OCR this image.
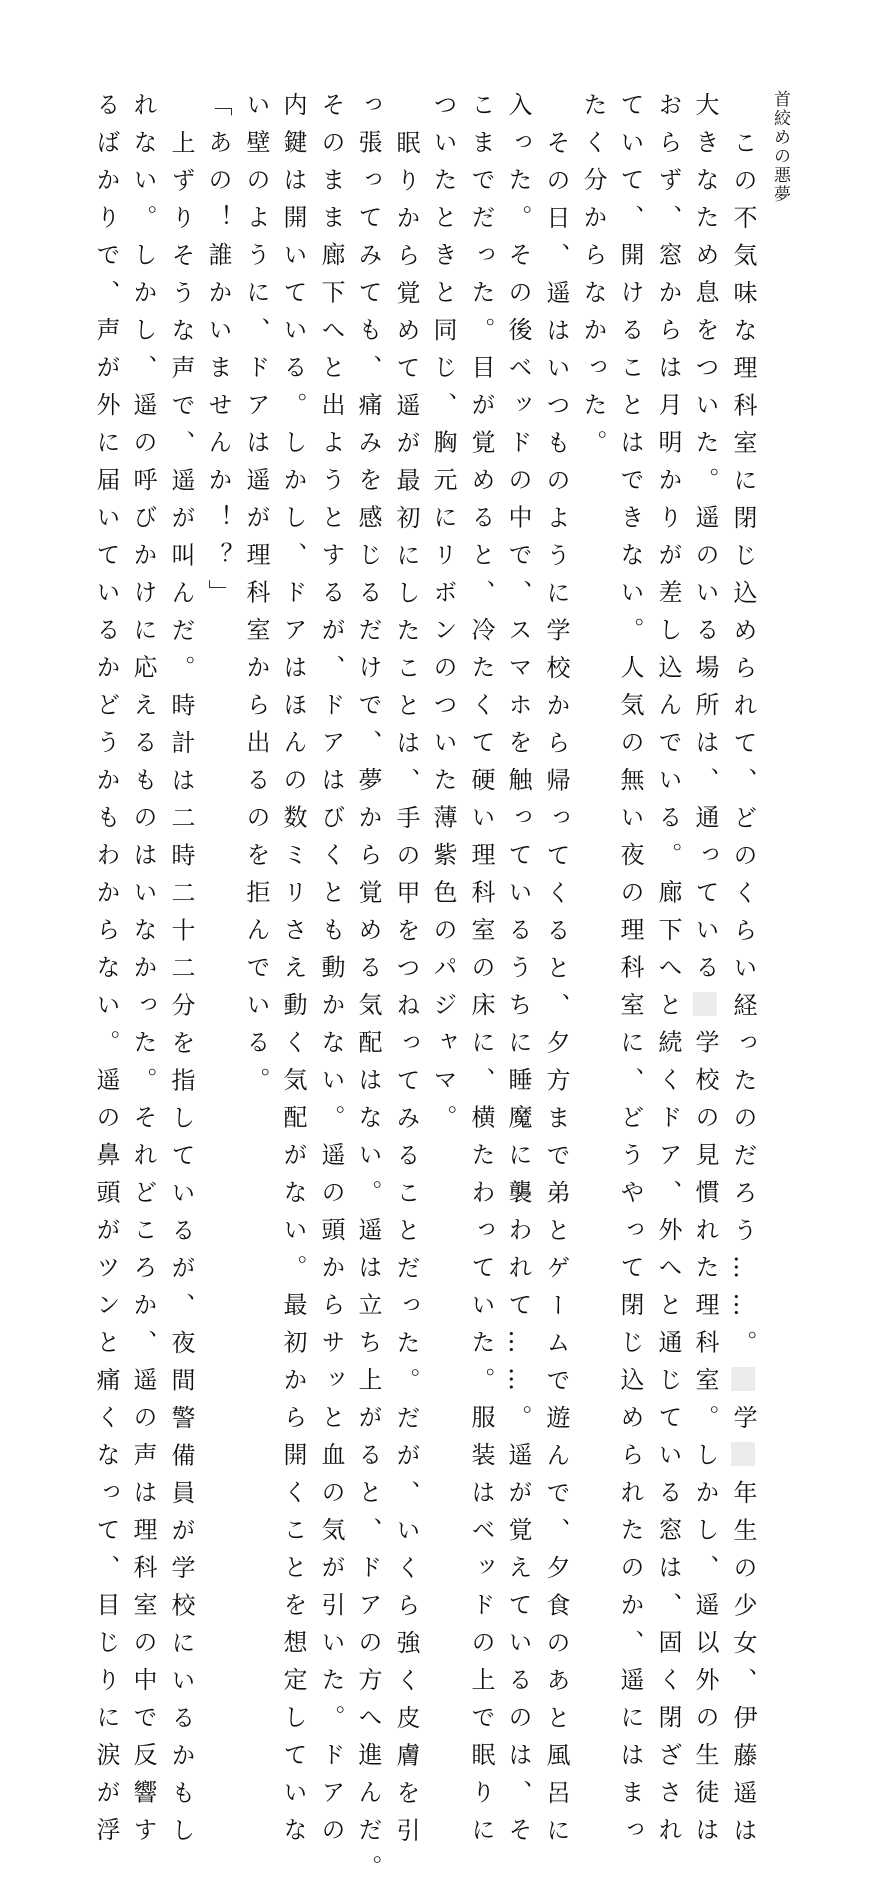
首絞めの悪夢
この不気味な理科室に閉じ込められて、どのくらい経ったのだろう……。学年生の少女、伊藤遥は
大きなため息をついた。遥のいる場所は、通っている学校の見慣れた理科室。しかし、遥以外の生徒は
おらず、窓からは月明かりが差し込んでいる。廊下へと続くドア、外へと通じている窓は、固く閉ざされ
ていて、開けることはできない。人気の無い夜の理科室に、どうやって閉じ込められたのか、遥にはまっ
たく分からなかった。
その日、遥はいつものように学校から帰ってくると、夕方まで弟とゲームで遊んで、夕食のあと風呂に
入った。その後ベッドの中で、スマホを触っているうちに睡魔に襲われて……。遥が覚えているのは、そ
こまでだった。目が覚めると、冷たくて硬い理科室の床に、横たわっていた。服装はベッドの上で眠りに
ついたときと同じ、胸元にリボンのついた薄紫色のパジャマ。
眠りから覚めて遥が最初にしたことは、手の甲をつねってみることだった。だが、いくら強く皮膚を引
っ張ってみても、痛みを感じるだけで、夢から覚める気配はない。遥は立ち上がると、ドアの方へ進んだ。
そのまま廊下へと出ようとするが、ドアはびくとも動かない。遥の頭からサッと血の気が引いた。ドアの
内鍵は開いている。しかし、ドアはほんの数ミリさえ動く気配がない。最初から開くことを想定していな
い壁のように、ドアは遥が理科室から出るのを拒んでいる。
「あの！誰かいませんか！？」
上ずりそうな声で、遥が叫んだ。時計は二時二十二分を指しているが、夜間警備員が学校にいるかもし
れない。しかし、遥の呼びかけに応えるものはいなかった。それどころか、遥の声は理科室の中で反響す
るばかりで、声が外に届いているかどうかもわからない。遥の鼻頭がツンと痛くなって、目じりに涙が浮
